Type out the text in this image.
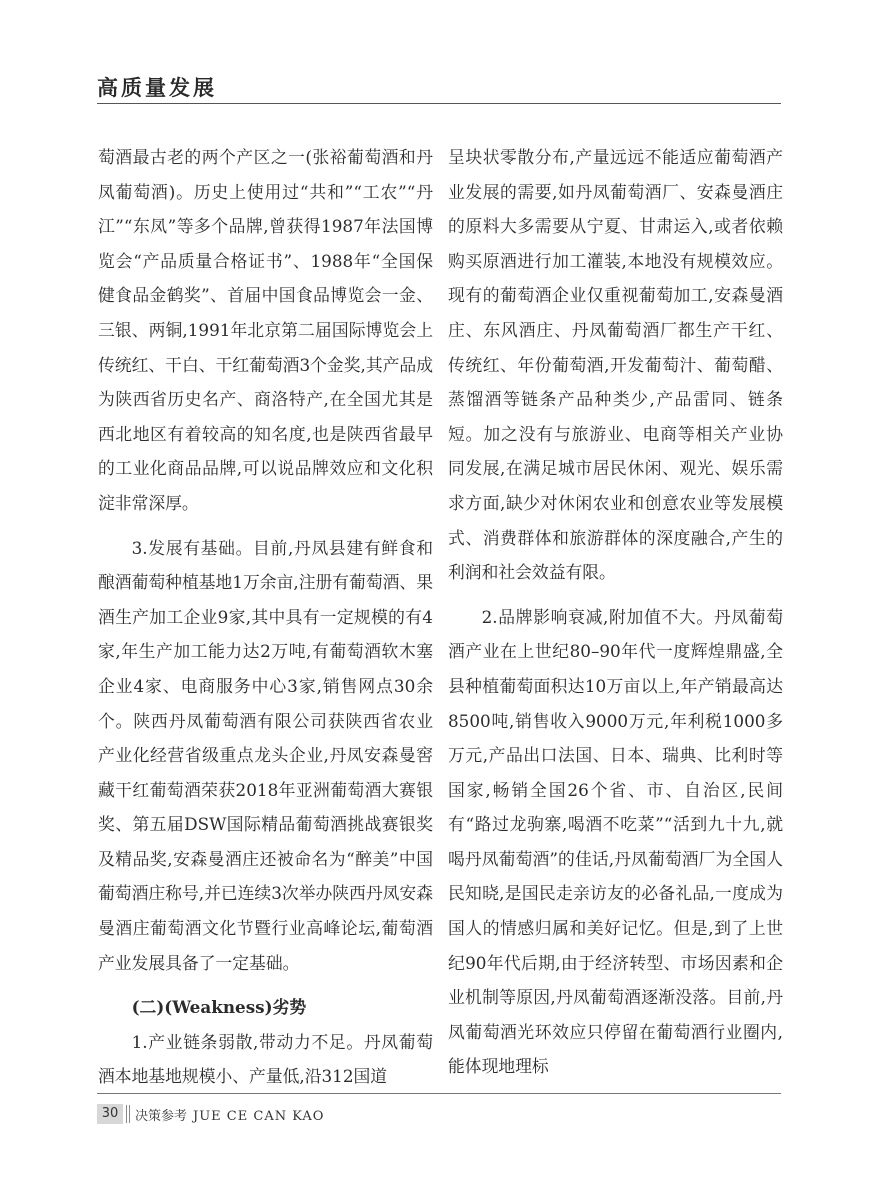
高质量发展

萄酒最古老的两个产区之一(张裕葡萄酒和丹凤葡萄酒)。历史上使用过“共和”“工农”“丹江”“东凤”等多个品牌,曾获得1987年法国博览会“产品质量合格证书”、1988年“全国保健食品金鹤奖”、首届中国食品博览会一金、三银、两铜,1991年北京第二届国际博览会上传统红、干白、干红葡萄酒3个金奖,其产品成为陕西省历史名产、商洛特产,在全国尤其是西北地区有着较高的知名度,也是陕西省最早的工业化商品品牌,可以说品牌效应和文化积淀非常深厚。

3.发展有基础。目前,丹凤县建有鲜食和酿酒葡萄种植基地1万余亩,注册有葡萄酒、果酒生产加工企业9家,其中具有一定规模的有4家,年生产加工能力达2万吨,有葡萄酒软木塞企业4家、电商服务中心3家,销售网点30余个。陕西丹凤葡萄酒有限公司获陕西省农业产业化经营省级重点龙头企业,丹凤安森曼窖藏干红葡萄酒荣获2018年亚洲葡萄酒大赛银奖、第五届DSW国际精品葡萄酒挑战赛银奖及精品奖,安森曼酒庄还被命名为“醉美”中国葡萄酒庄称号,并已连续3次举办陕西丹凤安森曼酒庄葡萄酒文化节暨行业高峰论坛,葡萄酒产业发展具备了一定基础。

(二)(Weakness)劣势

1.产业链条弱散,带动力不足。丹凤葡萄酒本地基地规模小、产量低,沿312国道

呈块状零散分布,产量远远不能适应葡萄酒产业发展的需要,如丹凤葡萄酒厂、安森曼酒庄的原料大多需要从宁夏、甘肃运入,或者依赖购买原酒进行加工灌装,本地没有规模效应。现有的葡萄酒企业仅重视葡萄加工,安森曼酒庄、东风酒庄、丹凤葡萄酒厂都生产干红、传统红、年份葡萄酒,开发葡萄汁、葡萄醋、蒸馏酒等链条产品种类少,产品雷同、链条短。加之没有与旅游业、电商等相关产业协同发展,在满足城市居民休闲、观光、娱乐需求方面,缺少对休闲农业和创意农业等发展模式、消费群体和旅游群体的深度融合,产生的利润和社会效益有限。

2.品牌影响衰减,附加值不大。丹凤葡萄酒产业在上世纪80–90年代一度辉煌鼎盛,全县种植葡萄面积达10万亩以上,年产销最高达8500吨,销售收入9000万元,年利税1000多万元,产品出口法国、日本、瑞典、比利时等国家,畅销全国26个省、市、自治区,民间有“路过龙驹寨,喝酒不吃菜”“活到九十九,就喝丹凤葡萄酒”的佳话,丹凤葡萄酒厂为全国人民知晓,是国民走亲访友的必备礼品,一度成为国人的情感归属和美好记忆。但是,到了上世纪90年代后期,由于经济转型、市场因素和企业机制等原因,丹凤葡萄酒逐渐没落。目前,丹凤葡萄酒光环效应只停留在葡萄酒行业圈内,能体现地理标

30	决策参考 JUE CE CAN KAO
